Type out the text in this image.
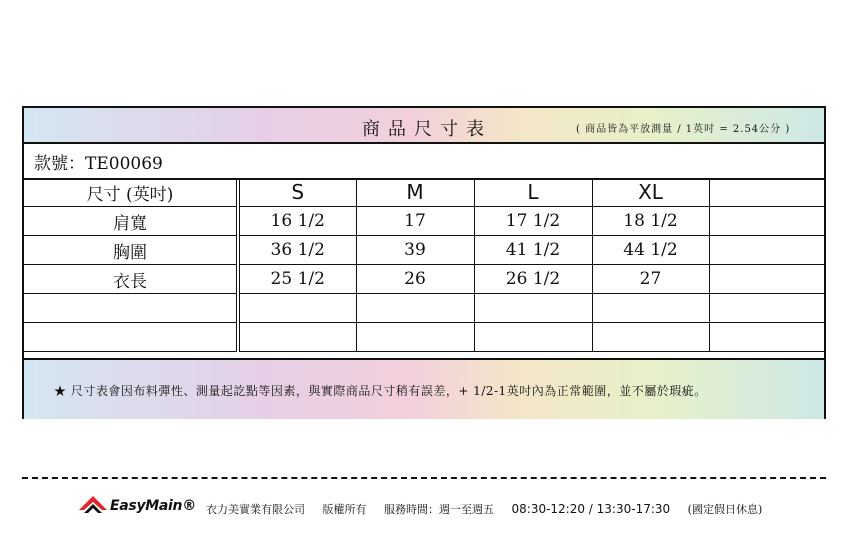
商品尺寸表	( 商品皆為平放測量 / 1英吋 = 2.54公分 )
款號：TE00069
尺寸 (英吋)	S	M	L	XL	
肩寬	16 1/2	17	17 1/2	18 1/2	
胸圍	36 1/2	39	41 1/2	44 1/2	
衣長	25 1/2	26	26 1/2	27	

★ 尺寸表會因布料彈性、測量起訖點等因素，與實際商品尺寸稍有誤差，+ 1/2-1英吋內為正常範圍，並不屬於瑕疵。
EasyMain® 衣力美實業有限公司 版權所有 服務時間：週一至週五 08:30-12:20 / 13:30-17:30 (國定假日休息)
